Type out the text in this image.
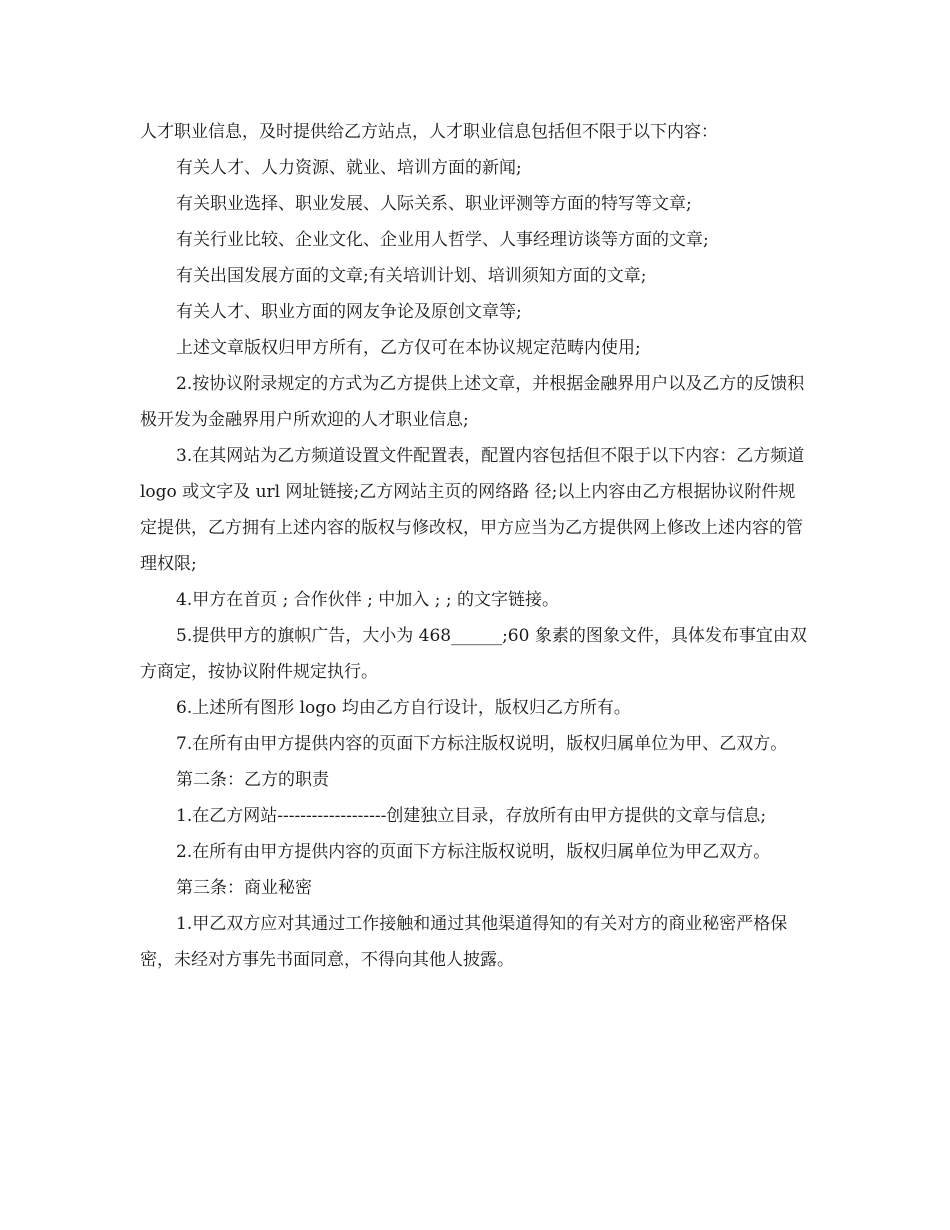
人才职业信息，及时提供给乙方站点，人才职业信息包括但不限于以下内容：

有关人才、人力资源、就业、培训方面的新闻;

有关职业选择、职业发展、人际关系、职业评测等方面的特写等文章;

有关行业比较、企业文化、企业用人哲学、人事经理访谈等方面的文章;

有关出国发展方面的文章;有关培训计划、培训须知方面的文章;

有关人才、职业方面的网友争论及原创文章等;

上述文章版权归甲方所有，乙方仅可在本协议规定范畴内使用;

2.按协议附录规定的方式为乙方提供上述文章，并根据金融界用户以及乙方的反馈积极开发为金融界用户所欢迎的人才职业信息;

3.在其网站为乙方频道设置文件配置表，配置内容包括但不限于以下内容：乙方频道 logo 或文字及 url 网址链接;乙方网站主页的网络路 径;以上内容由乙方根据协议附件规定提供，乙方拥有上述内容的版权与修改权，甲方应当为乙方提供网上修改上述内容的管理权限;

4.甲方在首页 ; 合作伙伴 ; 中加入 ; ; 的文字链接。

5.提供甲方的旗帜广告，大小为 468______;60 象素的图象文件，具体发布事宜由双方商定，按协议附件规定执行。

6.上述所有图形 logo 均由乙方自行设计，版权归乙方所有。

7.在所有由甲方提供内容的页面下方标注版权说明，版权归属单位为甲、乙双方。

第二条：乙方的职责

1.在乙方网站-------------------创建独立目录，存放所有由甲方提供的文章与信息;

2.在所有由甲方提供内容的页面下方标注版权说明，版权归属单位为甲乙双方。

第三条：商业秘密

1.甲乙双方应对其通过工作接触和通过其他渠道得知的有关对方的商业秘密严格保密，未经对方事先书面同意，不得向其他人披露。
